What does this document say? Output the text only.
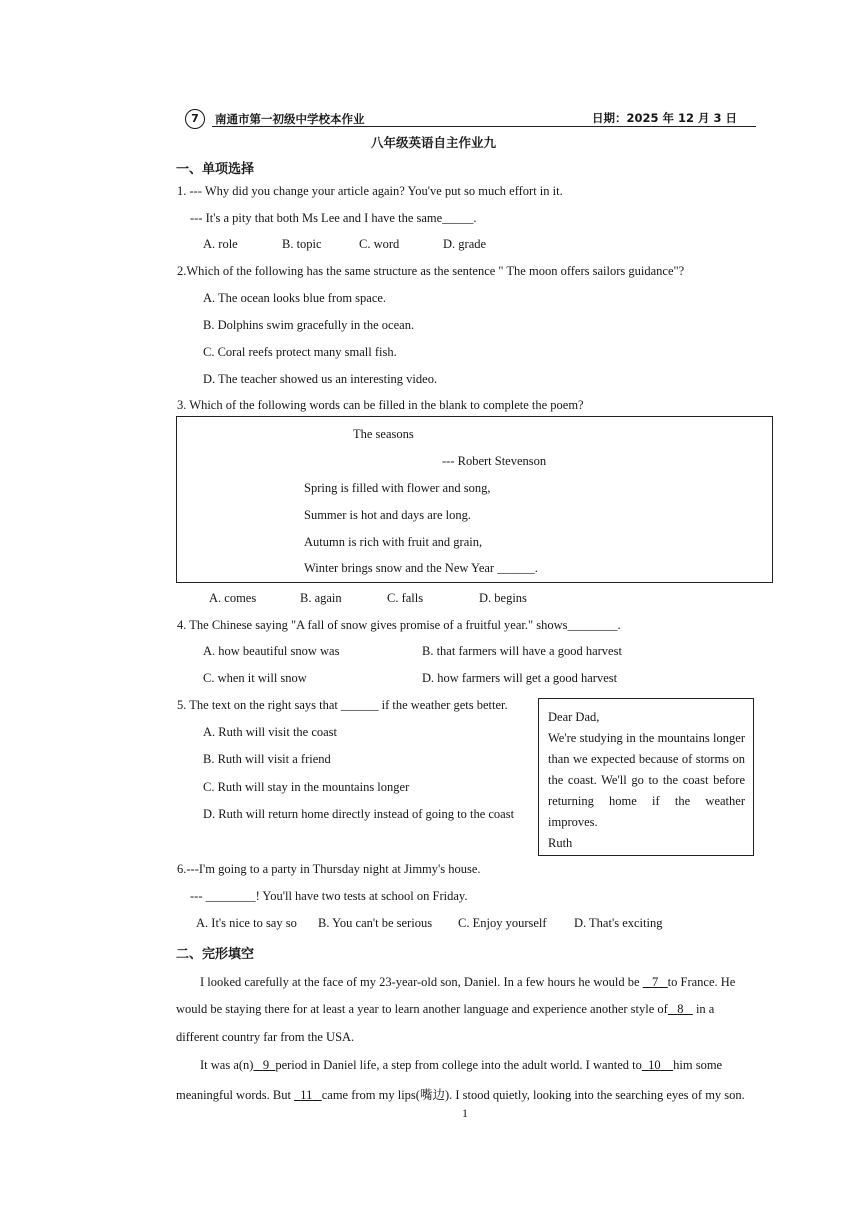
7	南通市第一初级中学校本作业	日期：2025 年 12 月 3 日
八年级英语自主作业九
一、单项选择
1. --- Why did you change your article again? You've put so much effort in it.
--- It's a pity that both Ms Lee and I have the same_____.
A. role	B. topic	C. word	D. grade
2.Which of the following has the same structure as the sentence " The moon offers sailors guidance"?
A. The ocean looks blue from space.
B. Dolphins swim gracefully in the ocean.
C. Coral reefs protect many small fish.
D. The teacher showed us an interesting video.
3. Which of the following words can be filled in the blank to complete the poem?
The seasons
--- Robert Stevenson
Spring is filled with flower and song,
Summer is hot and days are long.
Autumn is rich with fruit and grain,
Winter brings snow and the New Year ______.
A. comes	B. again	C. falls	D. begins
4. The Chinese saying "A fall of snow gives promise of a fruitful year." shows________.
A. how beautiful snow was	B. that farmers will have a good harvest
C. when it will snow	D. how farmers will get a good harvest
5. The text on the right says that ______ if the weather gets better.
A. Ruth will visit the coast
B. Ruth will visit a friend
C. Ruth will stay in the mountains longer
D. Ruth will return home directly instead of going to the coast
Dear Dad,
We're studying in the mountains longer than we expected because of storms on the coast. We'll go to the coast before returning home if the weather improves.
Ruth
6.---I'm going to a party in Thursday night at Jimmy's house.
--- ________! You'll have two tests at school on Friday.
A. It's nice to say so B. You can't be serious C. Enjoy yourself D. That's exciting
二、完形填空
I looked carefully at the face of my 23-year-old son, Daniel. In a few hours he would be 7 to France. He
would be staying there for at least a year to learn another language and experience another style of 8 in a
different country far from the USA.
It was a(n) 9 period in Daniel life, a step from college into the adult world. I wanted to 10 him some
meaningful words. But 11 came from my lips(嘴边). I stood quietly, looking into the searching eyes of my son.
1
